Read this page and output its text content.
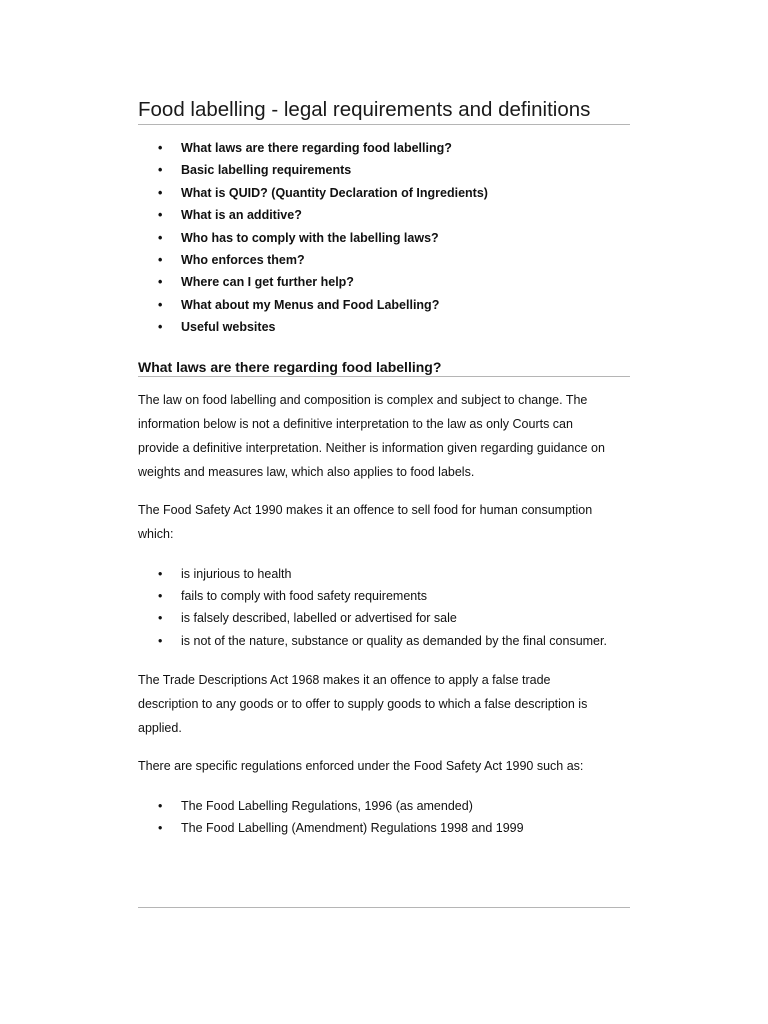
Food labelling - legal requirements and definitions
• What laws are there regarding food labelling?
• Basic labelling requirements
• What is QUID? (Quantity Declaration of Ingredients)
• What is an additive?
• Who has to comply with the labelling laws?
• Who enforces them?
• Where can I get further help?
• What about my Menus and Food Labelling?
• Useful websites
What laws are there regarding food labelling?

The law on food labelling and composition is complex and subject to change. The
information below is not a definitive interpretation to the law as only Courts can
provide a definitive interpretation. Neither is information given regarding guidance on
weights and measures law, which also applies to food labels.

The Food Safety Act 1990 makes it an offence to sell food for human consumption
which:

• is injurious to health
• fails to comply with food safety requirements
• is falsely described, labelled or advertised for sale
• is not of the nature, substance or quality as demanded by the final consumer.

The Trade Descriptions Act 1968 makes it an offence to apply a false trade
description to any goods or to offer to supply goods to which a false description is
applied.

There are specific regulations enforced under the Food Safety Act 1990 such as:

• The Food Labelling Regulations, 1996 (as amended)
• The Food Labelling (Amendment) Regulations 1998 and 1999
